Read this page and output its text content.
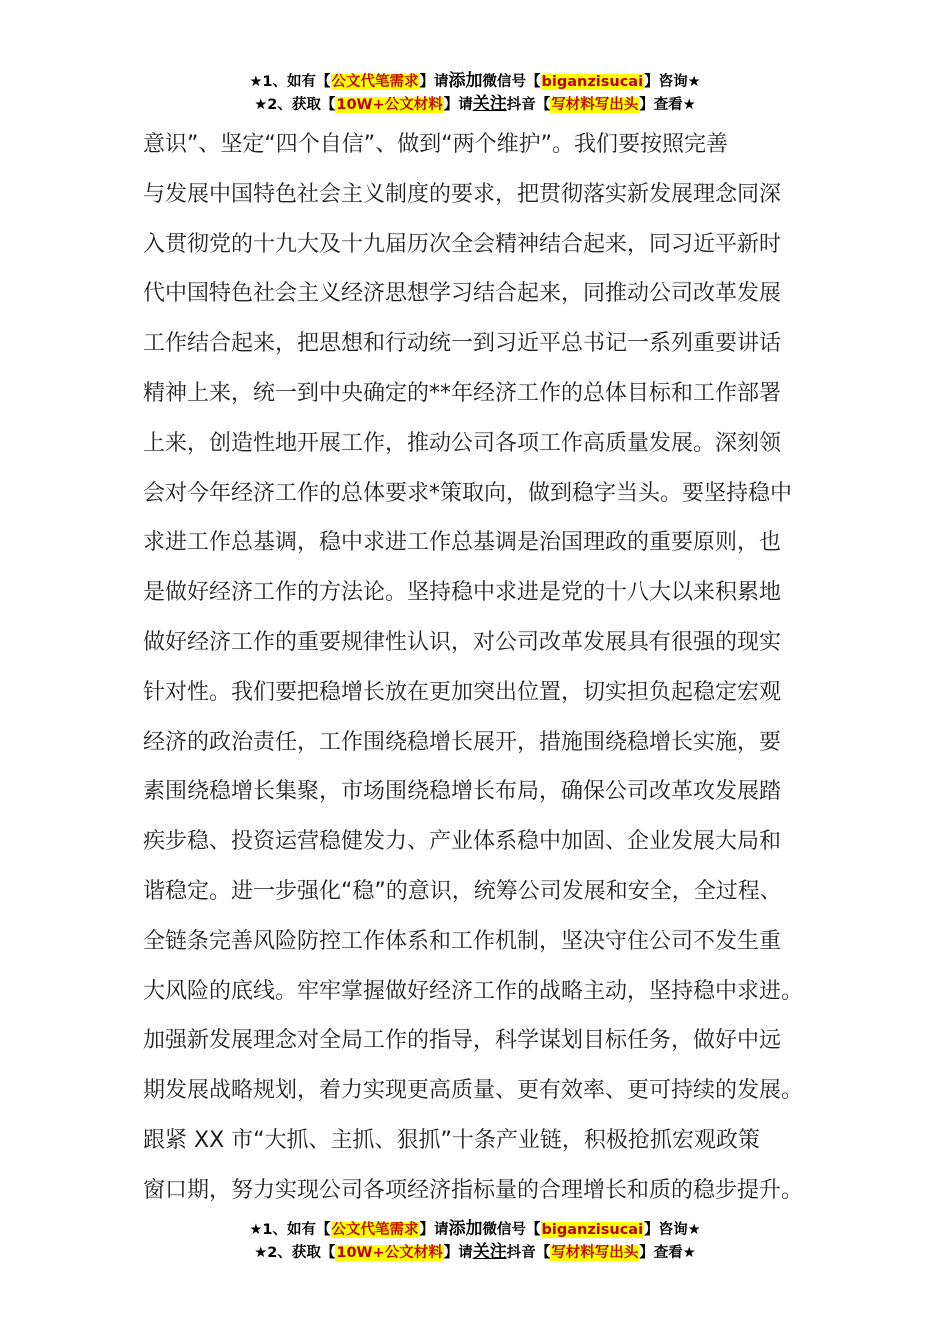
★1、如有【公文代笔需求】请添加微信号【biganzisucai】咨询★
★2、获取【10W+公文材料】请关注抖音【写材料写出头】查看★
意识”、坚定“四个自信”、做到“两个维护”。我们要按照完善
与发展中国特色社会主义制度的要求，把贯彻落实新发展理念同深
入贯彻党的十九大及十九届历次全会精神结合起来，同习近平新时
代中国特色社会主义经济思想学习结合起来，同推动公司改革发展
工作结合起来，把思想和行动统一到习近平总书记一系列重要讲话
精神上来，统一到中央确定的**年经济工作的总体目标和工作部署
上来，创造性地开展工作，推动公司各项工作高质量发展。深刻领
会对今年经济工作的总体要求*策取向，做到稳字当头。要坚持稳中
求进工作总基调，稳中求进工作总基调是治国理政的重要原则，也
是做好经济工作的方法论。坚持稳中求进是党的十八大以来积累地
做好经济工作的重要规律性认识，对公司改革发展具有很强的现实
针对性。我们要把稳增长放在更加突出位置，切实担负起稳定宏观
经济的政治责任，工作围绕稳增长展开，措施围绕稳增长实施，要
素围绕稳增长集聚，市场围绕稳增长布局，确保公司改革攻发展踏
疾步稳、投资运营稳健发力、产业体系稳中加固、企业发展大局和
谐稳定。进一步强化“稳”的意识，统筹公司发展和安全，全过程、
全链条完善风险防控工作体系和工作机制，坚决守住公司不发生重
大风险的底线。牢牢掌握做好经济工作的战略主动，坚持稳中求进。
加强新发展理念对全局工作的指导，科学谋划目标任务，做好中远
期发展战略规划，着力实现更高质量、更有效率、更可持续的发展。
跟紧 XX 市“大抓、主抓、狠抓”十条产业链，积极抢抓宏观政策
窗口期，努力实现公司各项经济指标量的合理增长和质的稳步提升。
★1、如有【公文代笔需求】请添加微信号【biganzisucai】咨询★
★2、获取【10W+公文材料】请关注抖音【写材料写出头】查看★
